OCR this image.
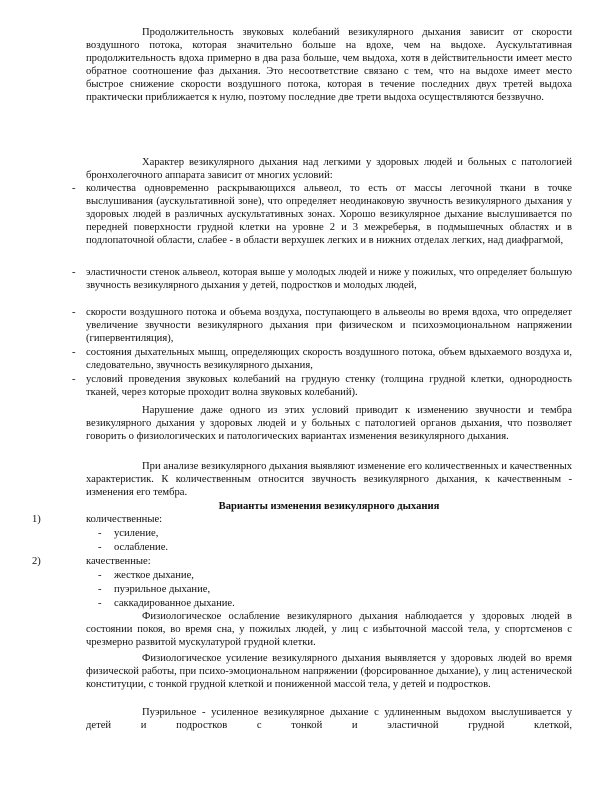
Продолжительность звуковых колебаний везикулярного дыхания зависит от скорости воздушного потока, которая значительно больше на вдохе, чем на выдохе. Аускультативная продолжительность вдоха примерно в два раза больше, чем выдоха, хотя в действительности имеет место обратное соотношение фаз дыхания. Это несоответствие связано с тем, что на выдохе имеет место быстрое снижение скорости воздушного потока, которая в течение последних двух третей выдоха практически приближается к нулю, поэтому последние две трети выдоха осуществляются беззвучно.

Характер везикулярного дыхания над легкими у здоровых людей и больных с патологией бронхолегочного аппарата зависит от многих условий:

- количества одновременно раскрывающихся альвеол, то есть от массы легочной ткани в точке выслушивания (аускультативной зоне), что определяет неодинаковую звучность везикулярного дыхания у здоровых людей в различных аускультативных зонах. Хорошо везикулярное дыхание выслушивается по передней поверхности грудной клетки на уровне 2 и 3 межреберья, в подмышечных областях и в подлопаточной области, слабее - в области верхушек легких и в нижних отделах легких, над диафрагмой,
- эластичности стенок альвеол, которая выше у молодых людей и ниже у пожилых, что определяет большую звучность везикулярного дыхания у детей, подростков и молодых людей,
- скорости воздушного потока и объема воздуха, поступающего в альвеолы во время вдоха, что определяет увеличение звучности везикулярного дыхания при физическом и психоэмоциональном напряжении (гипервентиляция),
- состояния дыхательных мышц, определяющих скорость воздушного потока, объем вдыхаемого воздуха и, следовательно, звучность везикулярного дыхания,
- условий проведения звуковых колебаний на грудную стенку (толщина грудной клетки, однородность тканей, через которые проходит волна звуковых колебаний).

Нарушение даже одного из этих условий приводит к изменению звучности и тембра везикулярного дыхания у здоровых людей и у больных с патологией органов дыхания, что позволяет говорить о физиологических и патологических вариантах изменения везикулярного дыхания.

При анализе везикулярного дыхания выявляют изменение его количественных и качественных характеристик. К количественным относится звучность везикулярного дыхания, к качественным - изменения его тембра.

Варианты изменения везикулярного дыхания

1)	количественные:
- усиление,
- ослабление.
2)	качественные:
- жесткое дыхание,
- пуэрильное дыхание,
- саккадированное дыхание.

Физиологическое ослабление везикулярного дыхания наблюдается у здоровых людей в состоянии покоя, во время сна, у пожилых людей, у лиц с избыточной массой тела, у спортсменов с чрезмерно развитой мускулатурой грудной клетки.

Физиологическое усиление везикулярного дыхания выявляется у здоровых людей во время физической работы, при психо-эмоциональном напряжении (форсированное дыхание), у лиц астенической конституции, с тонкой грудной клеткой и пониженной массой тела, у детей и подростков.

Пуэрильное - усиленное везикулярное дыхание с удлиненным выдохом выслушивается у детей и подростков с тонкой и эластичной грудной клеткой,
